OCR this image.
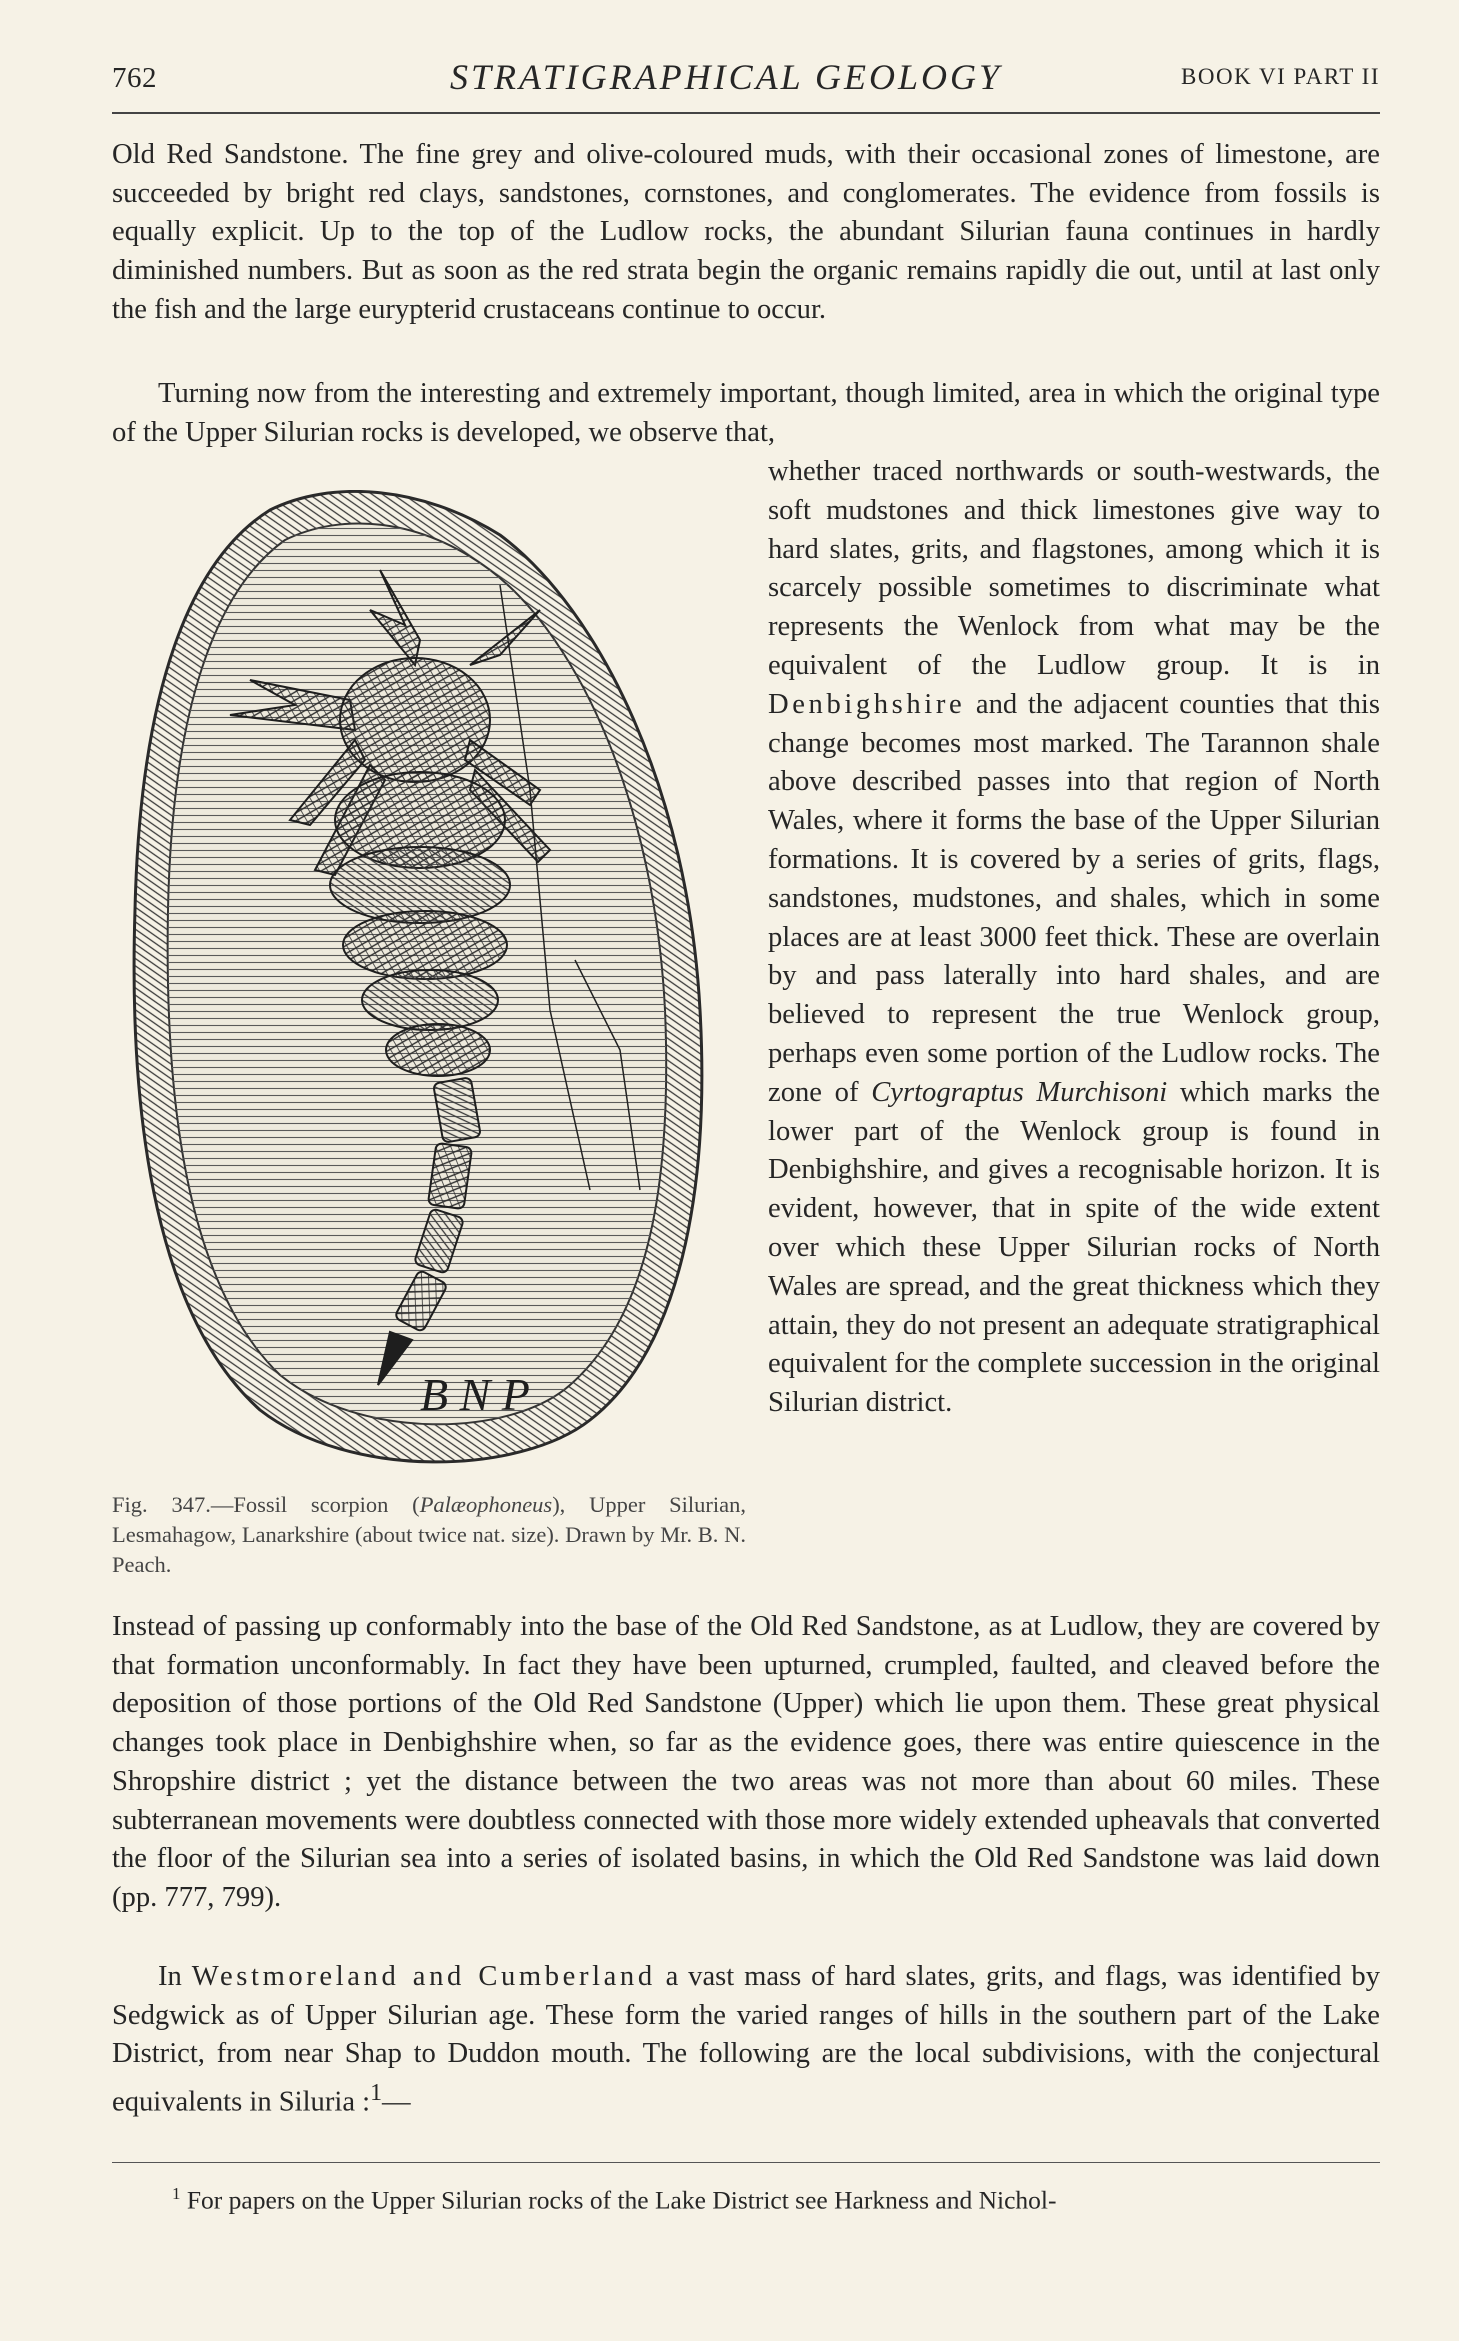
762	STRATIGRAPHICAL GEOLOGY	BOOK VI PART II

Old Red Sandstone. The fine grey and olive-coloured muds, with their occasional zones of limestone, are succeeded by bright red clays, sandstones, cornstones, and conglomerates. The evidence from fossils is equally explicit. Up to the top of the Ludlow rocks, the abundant Silurian fauna continues in hardly diminished numbers. But as soon as the red strata begin the organic remains rapidly die out, until at last only the fish and the large eurypterid crustaceans continue to occur.

Turning now from the interesting and extremely important, though limited, area in which the original type of the Upper Silurian rocks is developed, we observe that,

whether traced northwards or south-westwards, the soft mudstones and thick limestones give way to hard slates, grits, and flagstones, among which it is scarcely possible sometimes to discriminate what represents the Wenlock from what may be the equivalent of the Ludlow group. It is in Denbighshire and the adjacent counties that this change becomes most marked. The Tarannon shale above described passes into that region of North Wales, where it forms the base of the Upper Silurian formations. It is covered by a series of grits, flags, sandstones, mudstones, and shales, which in some places are at least 3000 feet thick. These are overlain by and pass laterally into hard shales, and are believed to represent the true Wenlock group, perhaps even some portion of the Ludlow rocks. The zone of Cyrtograptus Murchisoni which marks the lower part of the Wenlock group is found in Denbighshire, and gives a recognisable horizon. It is evident, however, that in spite of the wide extent over which these Upper Silurian rocks of North Wales are spread, and the great thickness which they attain, they do not present an adequate stratigraphical equivalent for the complete succession in the original Silurian district.

B N P

Fig. 347.—Fossil scorpion (Palæophoneus), Upper Silurian, Lesmahagow, Lanarkshire (about twice nat. size). Drawn by Mr. B. N. Peach.

Instead of passing up conformably into the base of the Old Red Sandstone, as at Ludlow, they are covered by that formation unconformably. In fact they have been upturned, crumpled, faulted, and cleaved before the deposition of those portions of the Old Red Sandstone (Upper) which lie upon them. These great physical changes took place in Denbighshire when, so far as the evidence goes, there was entire quiescence in the Shropshire district ; yet the distance between the two areas was not more than about 60 miles. These subterranean movements were doubtless connected with those more widely extended upheavals that converted the floor of the Silurian sea into a series of isolated basins, in which the Old Red Sandstone was laid down (pp. 777, 799).

In Westmoreland and Cumberland a vast mass of hard slates, grits, and flags, was identified by Sedgwick as of Upper Silurian age. These form the varied ranges of hills in the southern part of the Lake District, from near Shap to Duddon mouth. The following are the local subdivisions, with the conjectural equivalents in Siluria :$^1$—

$^1$ For papers on the Upper Silurian rocks of the Lake District see Harkness and Nichol-
